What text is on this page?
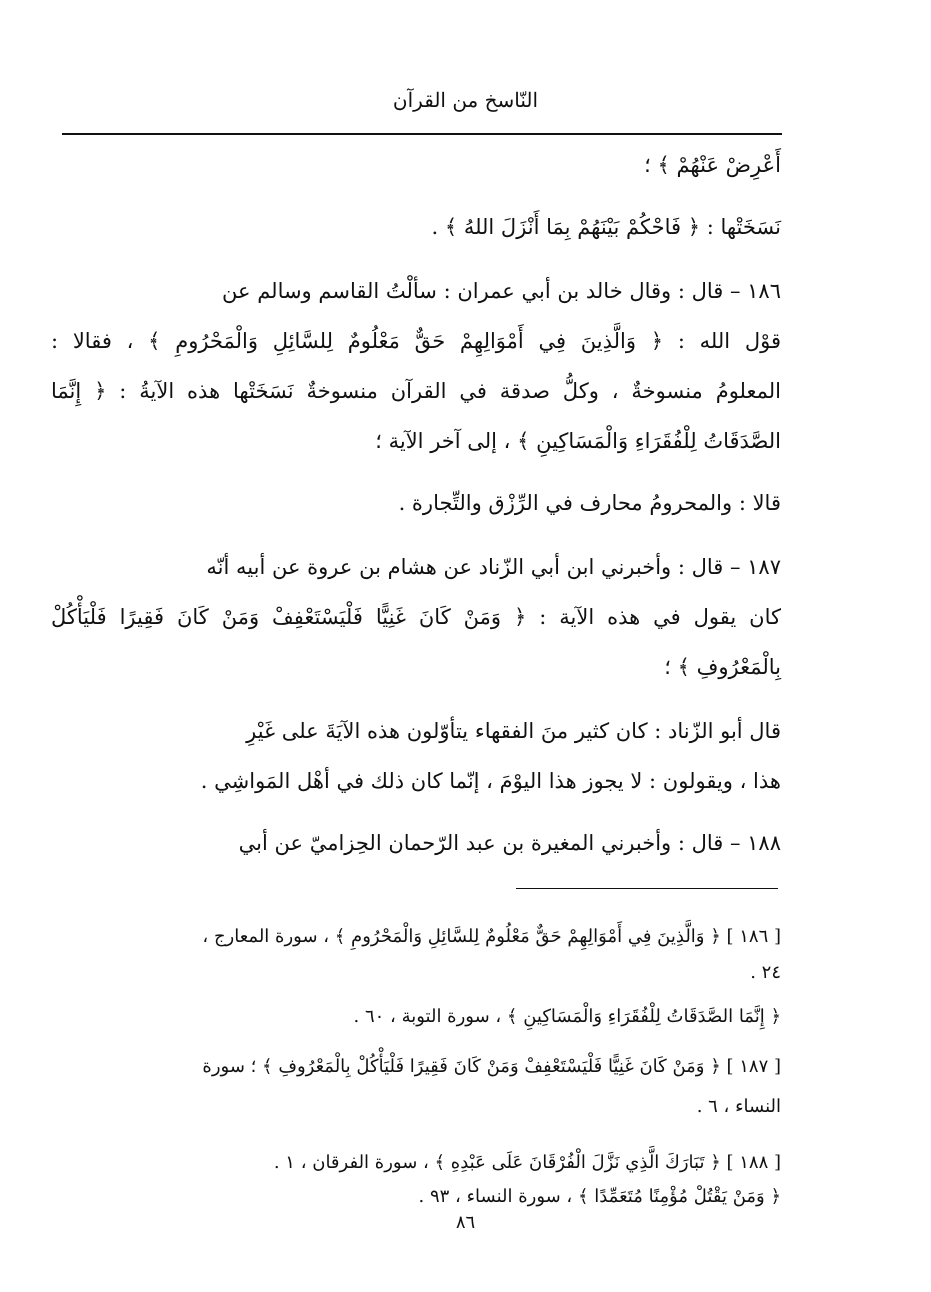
النّاسخ من القرآن
أَعْرِضْ عَنْهُمْ ﴾ ؛
نَسَخَتْها : ﴿ فَاحْكُمْ بَيْنَهُمْ بِمَا أَنْزَلَ اللهُ ﴾ .
١٨٦ – قال : وقال خالد بن أبي عمران : سألْتُ القاسم وسالم عن
قوْل الله : ﴿ وَالَّذِينَ فِي أَمْوَالِهِمْ حَقٌّ مَعْلُومٌ لِلسَّائِلِ وَالْمَحْرُومِ ﴾ ، فقالا :
المعلومُ منسوخةٌ ، وكلُّ صدقة في القرآن منسوخةٌ نَسَخَتْها هذه الآيةُ : ﴿ إِنَّمَا
الصَّدَقَاتُ لِلْفُقَرَاءِ وَالْمَسَاكِينِ ﴾ ، إلى آخر الآية ؛
قالا : والمحرومُ محارف في الرِّزْق والتِّجارة .
١٨٧ – قال : وأخبرني ابن أبي الزّناد عن هشام بن عروة عن أبيه أنّه
كان يقول في هذه الآية : ﴿ وَمَنْ كَانَ غَنِيًّا فَلْيَسْتَعْفِفْ وَمَنْ كَانَ فَقِيرًا فَلْيَأْكُلْ
بِالْمَعْرُوفِ ﴾ ؛
قال أبو الزّناد : كان كثير منَ الفقهاء يتأوّلون هذه الآيَةَ على غَيْرِ
هذا ، ويقولون : لا يجوز هذا اليوْمَ ، إنّما كان ذلك في أهْل المَواشِي .
١٨٨ – قال : وأخبرني المغيرة بن عبد الرّحمان الحِزاميّ عن أبي
[ ١٨٦ ] ﴿ وَالَّذِينَ فِي أَمْوَالِهِمْ حَقٌّ مَعْلُومٌ لِلسَّائِلِ وَالْمَحْرُومِ ﴾ ، سورة المعارج ،
. ٢٤
﴿ إِنَّمَا الصَّدَقَاتُ لِلْفُقَرَاءِ وَالْمَسَاكِينِ ﴾ ، سورة التوبة ، ٦٠ .
[ ١٨٧ ] ﴿ وَمَنْ كَانَ غَنِيًّا فَلْيَسْتَعْفِفْ وَمَنْ كَانَ فَقِيرًا فَلْيَأْكُلْ بِالْمَعْرُوفِ ﴾ ؛ سورة
النساء ، ٦ .
[ ١٨٨ ] ﴿ تَبَارَكَ الَّذِي نَزَّلَ الْفُرْقَانَ عَلَى عَبْدِهِ ﴾ ، سورة الفرقان ، ١ .
﴿ وَمَنْ يَقْتُلْ مُؤْمِنًا مُتَعَمِّدًا ﴾ ، سورة النساء ، ٩٣ .
٨٦
